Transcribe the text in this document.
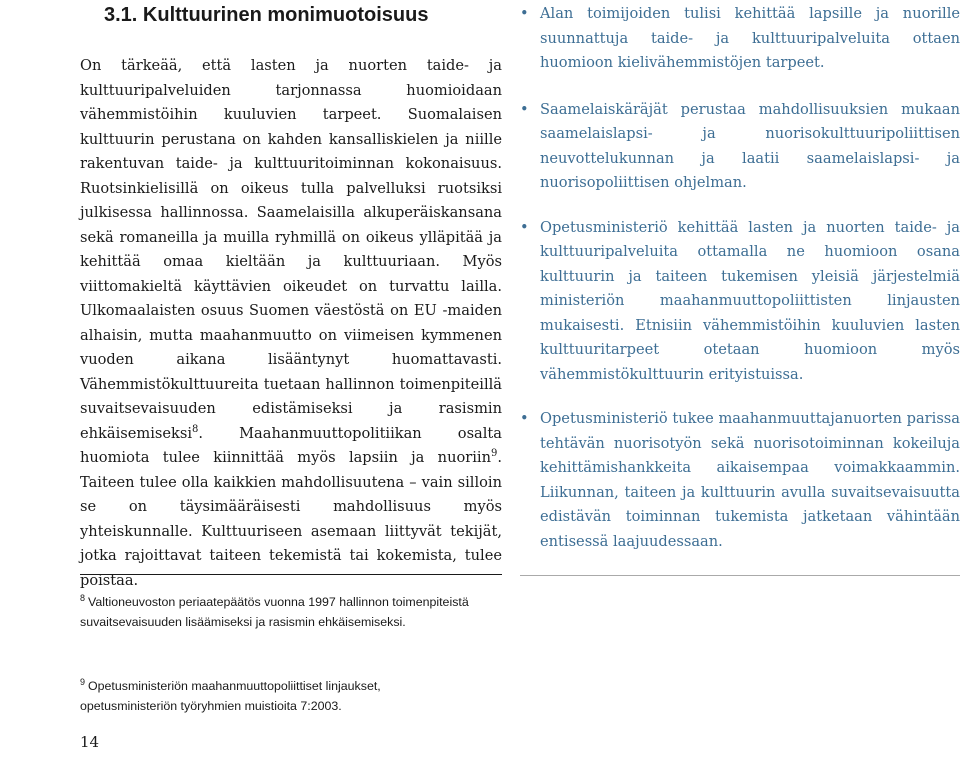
3.1. Kulttuurinen monimuotoisuus

On tärkeää, että lasten ja nuorten taide- ja kulttuuripalveluiden tarjonnassa huomioidaan vähemmistöihin kuuluvien tarpeet. Suomalaisen kulttuurin perustana on kahden kansalliskielen ja niille rakentuvan taide- ja kulttuuritoiminnan kokonaisuus. Ruotsinkielisillä on oikeus tulla palvelluksi ruotsiksi julkisessa hallinnossa. Saamelaisilla alkuperäiskansana sekä romaneilla ja muilla ryhmillä on oikeus ylläpitää ja kehittää omaa kieltään ja kulttuuriaan. Myös viittomakieltä käyttävien oikeudet on turvattu lailla. Ulkomaalaisten osuus Suomen väestöstä on EU -maiden alhaisin, mutta maahanmuutto on viimeisen kymmenen vuoden aikana lisääntynyt huomattavasti. Vähemmistökulttuureita tuetaan hallinnon toimenpiteillä suvaitsevaisuuden edistämiseksi ja rasismin ehkäisemiseksi$^8$. Maahanmuuttopolitiikan osalta huomiota tulee kiinnittää myös lapsiin ja nuoriin$^9$. Taiteen tulee olla kaikkien mahdollisuutena – vain silloin se on täysimääräisesti mahdollisuus myös yhteiskunnalle. Kulttuuriseen asemaan liittyvät tekijät, jotka rajoittavat taiteen tekemistä tai kokemista, tulee poistaa.

$^8$ Valtioneuvoston periaatepäätös vuonna 1997 hallinnon toimenpiteistä suvaitsevaisuuden lisäämiseksi ja rasismin ehkäisemiseksi.

$^9$ Opetusministeriön maahanmuuttopoliittiset linjaukset, opetusministeriön työryhmien muistioita 7:2003.

14
• Alan toimijoiden tulisi kehittää lapsille ja nuorille suunnattuja taide- ja kulttuuripalveluita ottaen huomioon kielivähemmistöjen tarpeet.
• Saamelaiskäräjät perustaa mahdollisuuksien mukaan saamelaislapsi- ja nuorisokulttuuripoliittisen neuvottelukunnan ja laatii saamelaislapsi- ja nuorisopoliittisen ohjelman.
• Opetusministeriö kehittää lasten ja nuorten taide- ja kulttuuripalveluita ottamalla ne huomioon osana kulttuurin ja taiteen tukemisen yleisiä järjestelmiä ministeriön maahanmuuttopoliittisten linjausten mukaisesti. Etnisiin vähemmistöihin kuuluvien lasten kulttuuritarpeet otetaan huomioon myös vähemmistökulttuurin erityistuissa.
• Opetusministeriö tukee maahanmuuttajanuorten parissa tehtävän nuorisotyön sekä nuorisotoiminnan kokeiluja kehittämishankkeita aikaisempaa voimakkaammin. Liikunnan, taiteen ja kulttuurin avulla suvaitsevaisuutta edistävän toiminnan tukemista jatketaan vähintään entisessä laajuudessaan.
